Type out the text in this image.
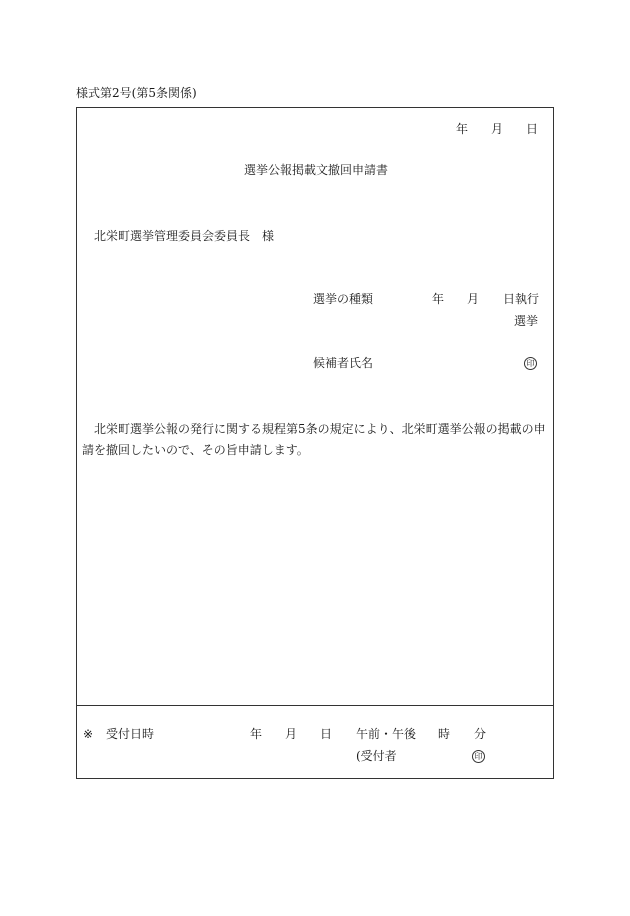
様式第2号(第5条関係)
年 月 日
選挙公報掲載文撤回申請書
北栄町選挙管理委員会委員長　様
選挙の種類	年 月 日執行
選挙
候補者氏名	印

北栄町選挙公報の発行に関する規程第5条の規定により、北栄町選挙公報の掲載の申

請を撤回したいので、その旨申請します。

※ 受付日時	年 月 日 午前・午後 時 分
(受付者	印
